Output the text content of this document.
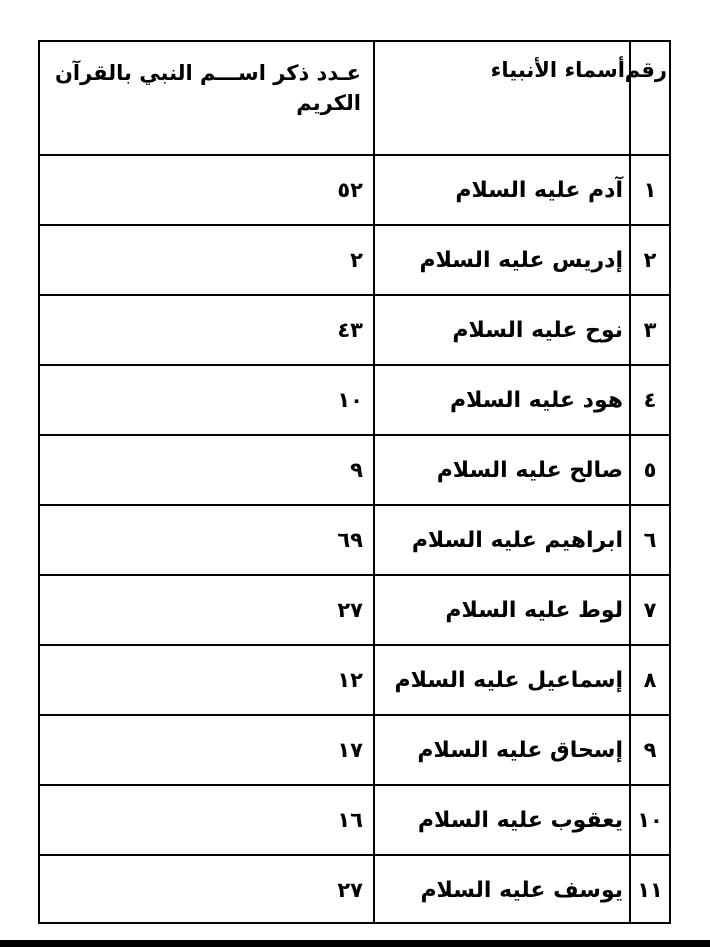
رقم
أسماء الأنبياء
عـدد ذكر اســـم النبي بالقرآن الكريم
١
آدم عليه السلام
٥٢
٢
إدريس عليه السلام
٢
٣
نوح عليه السلام
٤٣
٤
هود عليه السلام
١٠
٥
صالح عليه السلام
٩
٦
ابراهيم عليه السلام
٦٩
٧
لوط عليه السلام
٢٧
٨
إسماعيل عليه السلام
١٢
٩
إسحاق عليه السلام
١٧
١٠
يعقوب عليه السلام
١٦
١١
يوسف عليه السلام
٢٧
